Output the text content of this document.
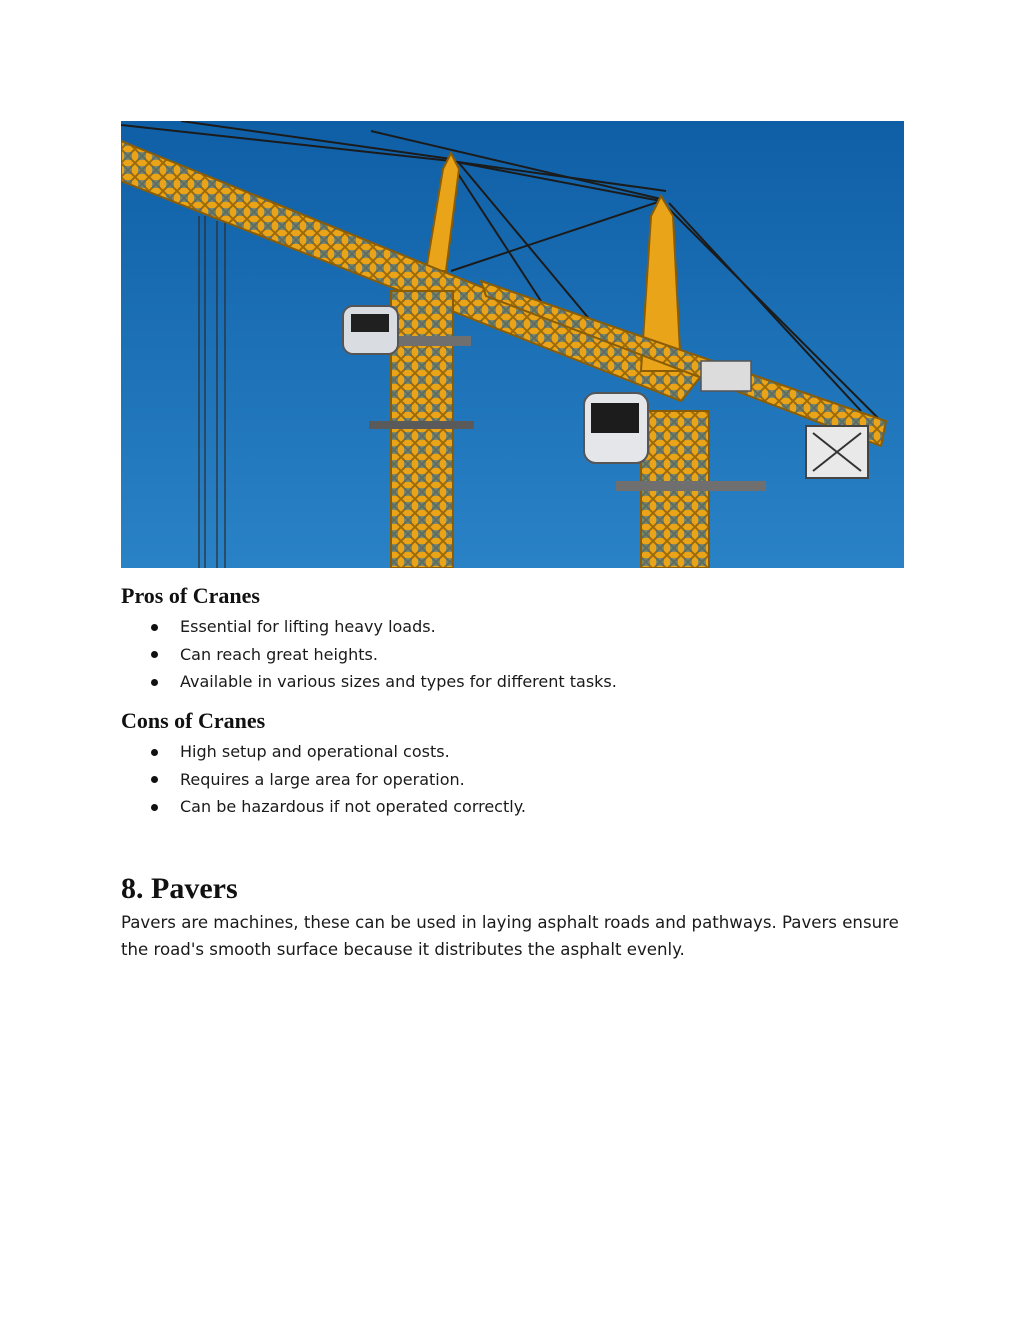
Pros of Cranes
Essential for lifting heavy loads.
Can reach great heights.
Available in various sizes and types for different tasks.
Cons of Cranes
High setup and operational costs.
Requires a large area for operation.
Can be hazardous if not operated correctly.
8. Pavers

Pavers are machines, these can be used in laying asphalt roads and pathways. Pavers ensure the road's smooth surface because it distributes the asphalt evenly.
